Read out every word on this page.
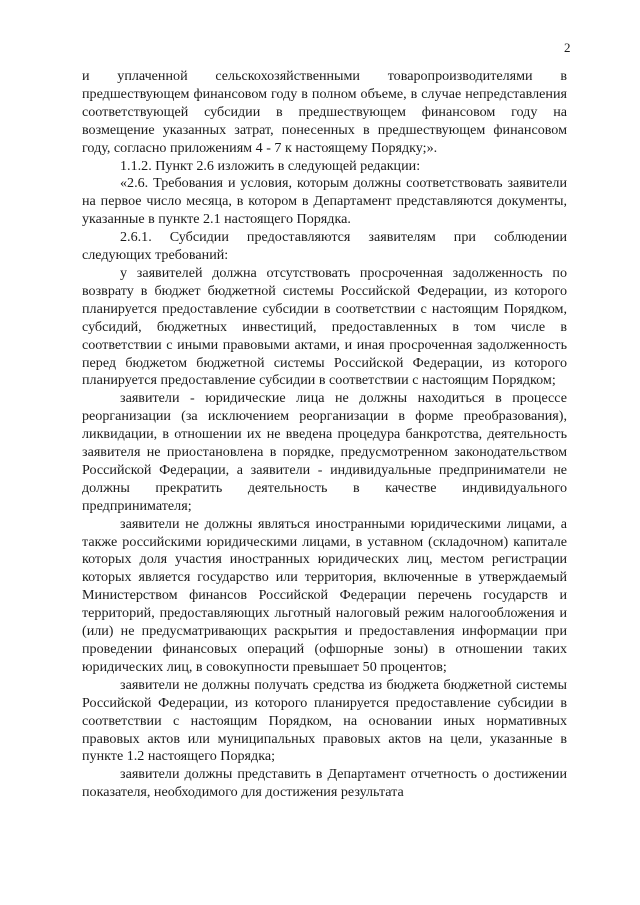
2

и уплаченной сельскохозяйственными товаропроизводителями в предшествующем финансовом году в полном объеме, в случае непредставления соответствующей субсидии в предшествующем финансовом году на возмещение указанных затрат, понесенных в предшествующем финансовом году, согласно приложениям 4 - 7 к настоящему Порядку;».

1.1.2. Пункт 2.6 изложить в следующей редакции:

«2.6. Требования и условия, которым должны соответствовать заявители на первое число месяца, в котором в Департамент представляются документы, указанные в пункте 2.1 настоящего Порядка.

2.6.1. Субсидии предоставляются заявителям при соблюдении следующих требований:

у заявителей должна отсутствовать просроченная задолженность по возврату в бюджет бюджетной системы Российской Федерации, из которого планируется предоставление субсидии в соответствии с настоящим Порядком, субсидий, бюджетных инвестиций, предоставленных в том числе в соответствии с иными правовыми актами, и иная просроченная задолженность перед бюджетом бюджетной системы Российской Федерации, из которого планируется предоставление субсидии в соответствии с настоящим Порядком;

заявители - юридические лица не должны находиться в процессе реорганизации (за исключением реорганизации в форме преобразования), ликвидации, в отношении их не введена процедура банкротства, деятельность заявителя не приостановлена в порядке, предусмотренном законодательством Российской Федерации, а заявители - индивидуальные предприниматели не должны прекратить деятельность в качестве индивидуального предпринимателя;

заявители не должны являться иностранными юридическими лицами, а также российскими юридическими лицами, в уставном (складочном) капитале которых доля участия иностранных юридических лиц, местом регистрации которых является государство или территория, включенные в утверждаемый Министерством финансов Российской Федерации перечень государств и территорий, предоставляющих льготный налоговый режим налогообложения и (или) не предусматривающих раскрытия и предоставления информации при проведении финансовых операций (офшорные зоны) в отношении таких юридических лиц, в совокупности превышает 50 процентов;

заявители не должны получать средства из бюджета бюджетной системы Российской Федерации, из которого планируется предоставление субсидии в соответствии с настоящим Порядком, на основании иных нормативных правовых актов или муниципальных правовых актов на цели, указанные в пункте 1.2 настоящего Порядка;

заявители должны представить в Департамент отчетность о достижении показателя, необходимого для достижения результата
